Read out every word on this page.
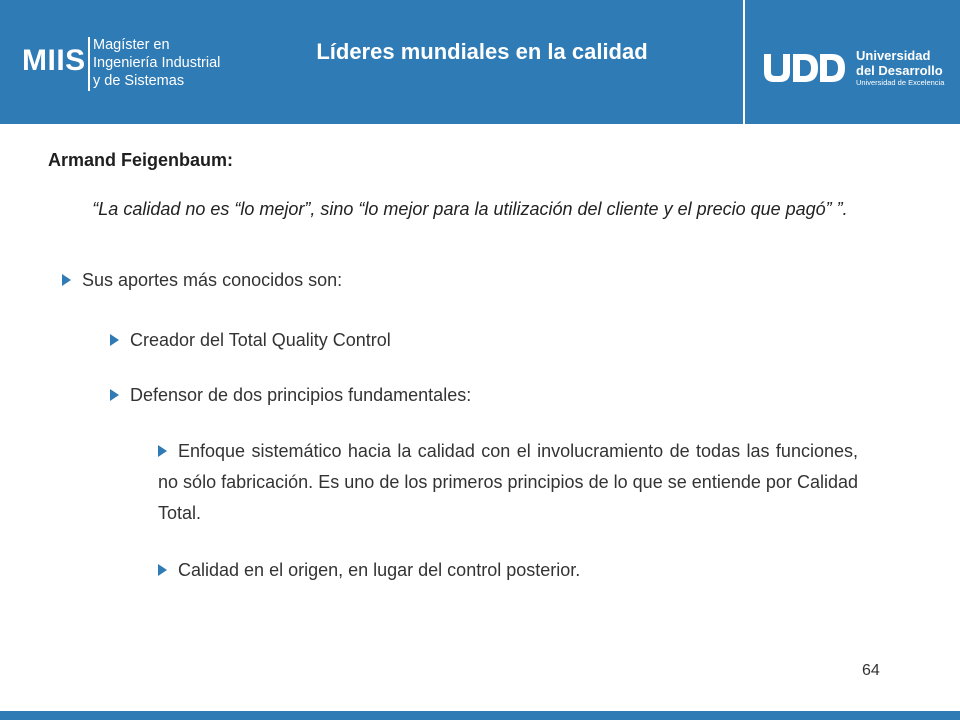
MIIS Magíster en
Ingeniería Industrial
y de Sistemas
Líderes mundiales en la calidad	Universidad
del Desarrollo
Universidad de Excelencia
Armand Feigenbaum:
“La calidad no es “lo mejor”, sino “lo mejor para la utilización del cliente y el precio que pagó” ”.
Sus aportes más conocidos son:
Creador del Total Quality Control
Defensor de dos principios fundamentales:
Enfoque sistemático hacia la calidad con el involucramiento de todas las funciones, no sólo fabricación. Es uno de los primeros principios de lo que se entiende por Calidad Total.
Calidad en el origen, en lugar del control posterior.
64
